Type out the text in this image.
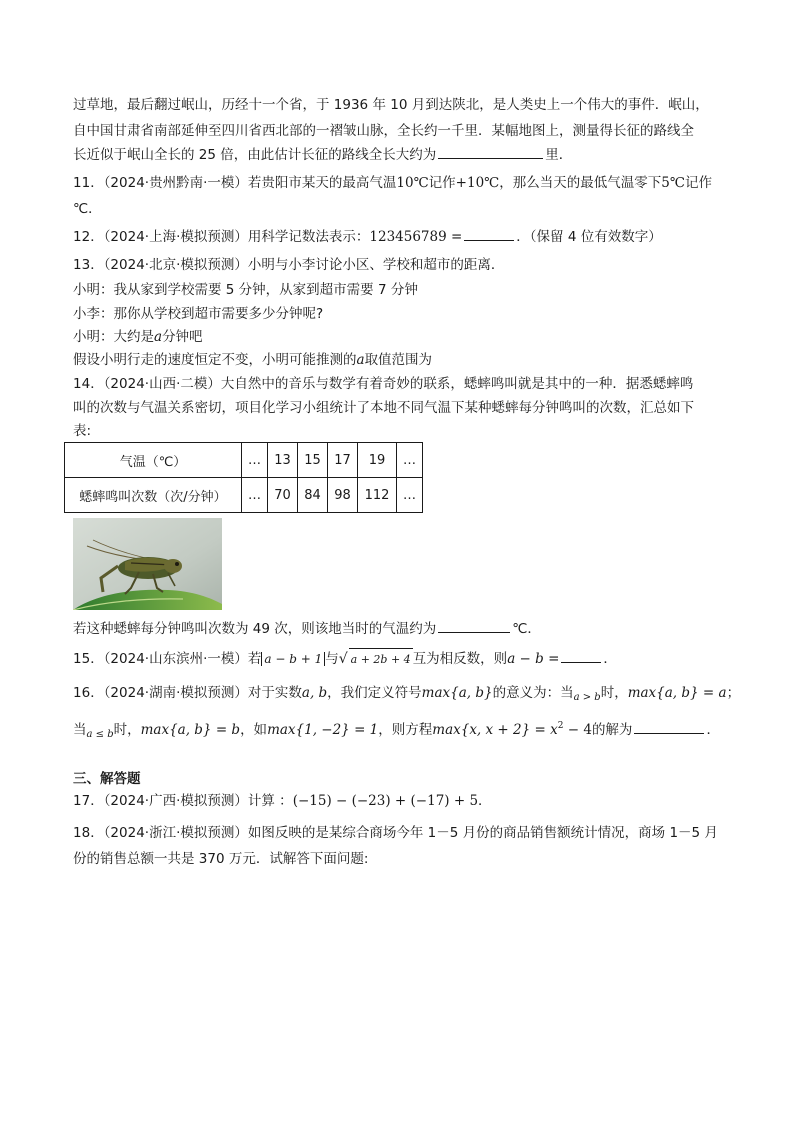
过草地，最后翻过岷山，历经十一个省，于 1936 年 10 月到达陕北，是人类史上一个伟大的事件．岷山，
自中国甘肃省南部延伸至四川省西北部的一褶皱山脉，全长约一千里．某幅地图上，测量得长征的路线全
长近似于岷山全长的 25 倍，由此估计长征的路线全长大约为	里．
11．（2024·贵州黔南·一模）若贵阳市某天的最高气温10℃记作+10℃，那么当天的最低气温零下5℃记作
℃．
12．（2024·上海·模拟预测）用科学记数法表示：123456789 =	．（保留 4 位有效数字）
13．（2024·北京·模拟预测）小明与小李讨论小区、学校和超市的距离．
小明：我从家到学校需要 5 分钟，从家到超市需要 7 分钟
小李：那你从学校到超市需要多少分钟呢?
小明：大约是a分钟吧
假设小明行走的速度恒定不变，小明可能推测的a取值范围为
14．（2024·山西·二模）大自然中的音乐与数学有着奇妙的联系，蟋蟀鸣叫就是其中的一种．据悉蟋蟀鸣
叫的次数与气温关系密切，项目化学习小组统计了本地不同气温下某种蟋蟀每分钟鸣叫的次数，汇总如下
表:
气温（℃）	…	13	15	17	19	…
蟋蟀鸣叫次数（次/分钟）	…	70	84	98	112	…
若这种蟋蟀每分钟鸣叫次数为 49 次，则该地当时的气温约为	℃．
15．（2024·山东滨州·一模）若 a − b + 1 与√ a + 2b + 4 互为相反数，则a − b =	．
16．（2024·湖南·模拟预测）对于实数a, b，我们定义符号max{a, b}的意义为：当$_{a > b}$时，max{a, b} = a；
当$_{a \le b}$时，max{a, b} = b，如max{1, −2} = 1，则方程max{x, $x + 2\} = x^2 - 4$的解为	．
三、解答题
17．（2024·广西·模拟预测）计算 ：(−15) − (−23) + (−17) + 5．
18．（2024·浙江·模拟预测）如图反映的是某综合商场今年 1－5 月份的商品销售额统计情况，商场 1－5 月
份的销售总额一共是 370 万元．试解答下面问题:
